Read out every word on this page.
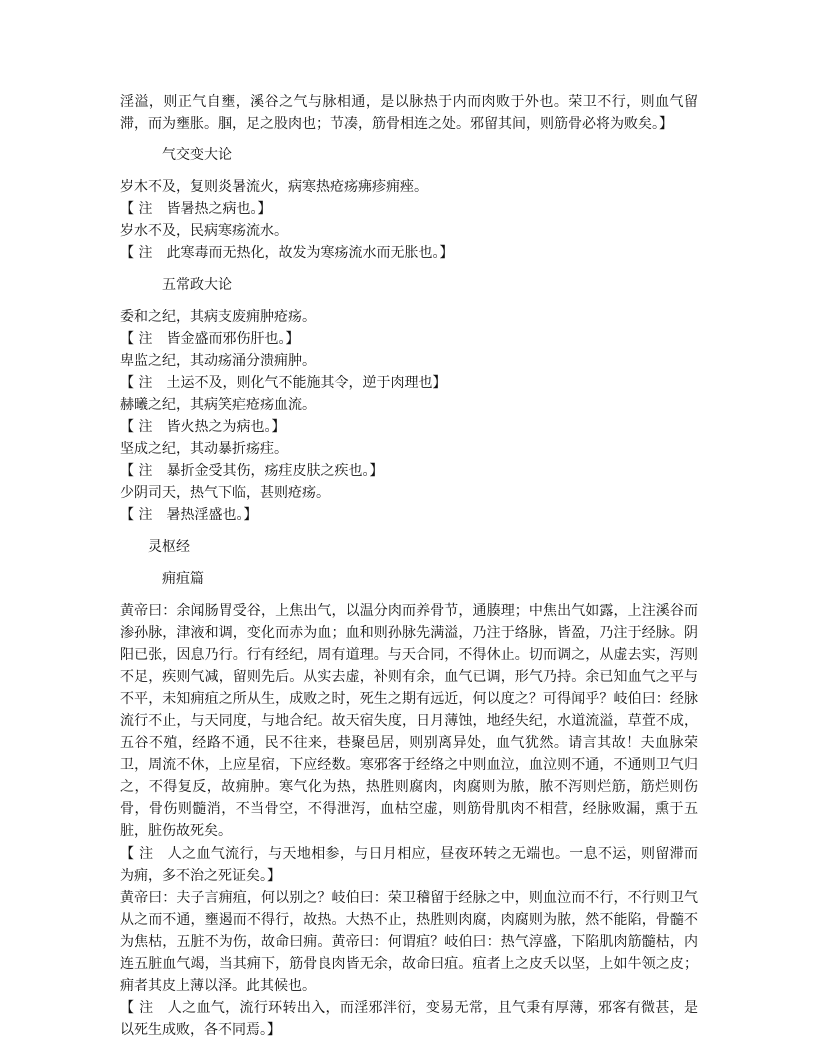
淫溢，则正气自壅，溪谷之气与脉相通，是以脉热于内而肉败于外也。荣卫不行，则血气留滞，而为壅胀。腘，足之股肉也；节凑，筋骨相连之处。邪留其间，则筋骨必将为败矣。】

气交变大论

岁木不及，复则炎暑流火，病寒热疮疡疿疹痈痤。

【 注　皆暑热之病也。】

岁水不及，民病寒疡流水。

【 注　此寒毒而无热化，故发为寒疡流水而无胀也。】

五常政大论

委和之纪，其病支废痈肿疮疡。

【 注　皆金盛而邪伤肝也。】

卑监之纪，其动疡涌分溃痈肿。

【 注　土运不及，则化气不能施其令，逆于肉理也】

赫曦之纪，其病笑疟疮疡血流。

【 注　皆火热之为病也。】

坚成之纪，其动暴折疡疰。

【 注　暴折金受其伤，疡疰皮肤之疾也。】

少阴司天，热气下临，甚则疮疡。

【 注　暑热淫盛也。】

灵枢经
痈疽篇

黄帝曰：余闻肠胃受谷，上焦出气，以温分肉而养骨节，通腠理；中焦出气如露，上注溪谷而渗孙脉，津液和调，变化而赤为血；血和则孙脉先满溢，乃注于络脉，皆盈，乃注于经脉。阴阳已张，因息乃行。行有经纪，周有道理。与天合同，不得休止。切而调之，从虚去实，泻则不足，疾则气减，留则先后。从实去虚，补则有余，血气已调，形气乃持。余已知血气之平与不平，未知痈疽之所从生，成败之时，死生之期有远近，何以度之？可得闻乎？岐伯曰：经脉流行不止，与天同度，与地合纪。故天宿失度，日月薄蚀，地经失纪，水道流溢，草萓不成，五谷不殖，经路不通，民不往来，巷聚邑居，则别离异处，血气犹然。请言其故！夫血脉荣卫，周流不休，上应星宿，下应经数。寒邪客于经络之中则血泣，血泣则不通，不通则卫气归之，不得复反，故痈肿。寒气化为热，热胜则腐肉，肉腐则为脓，脓不泻则烂筋，筋烂则伤骨，骨伤则髓消，不当骨空，不得泄泻，血枯空虚，则筋骨肌肉不相营，经脉败漏，熏于五脏，脏伤故死矣。

【 注　人之血气流行，与天地相参，与日月相应，昼夜环转之无端也。一息不运，则留滞而为痈，多不治之死证矣。】

黄帝曰：夫子言痈疽，何以别之？岐伯曰：荣卫稽留于经脉之中，则血泣而不行，不行则卫气从之而不通，壅遏而不得行，故热。大热不止，热胜则肉腐，肉腐则为脓，然不能陷，骨髓不为焦枯，五脏不为伤，故命曰痈。黄帝曰：何谓疽？岐伯曰：热气淳盛，下陷肌肉筋髓枯，内连五脏血气竭，当其痈下，筋骨良肉皆无余，故命曰疽。疽者上之皮夭以坚，上如牛领之皮；痈者其皮上薄以泽。此其候也。

【 注　人之血气，流行环转出入，而淫邪泮衍，变易无常，且气秉有厚薄，邪客有微甚，是以死生成败，各不同焉。】
